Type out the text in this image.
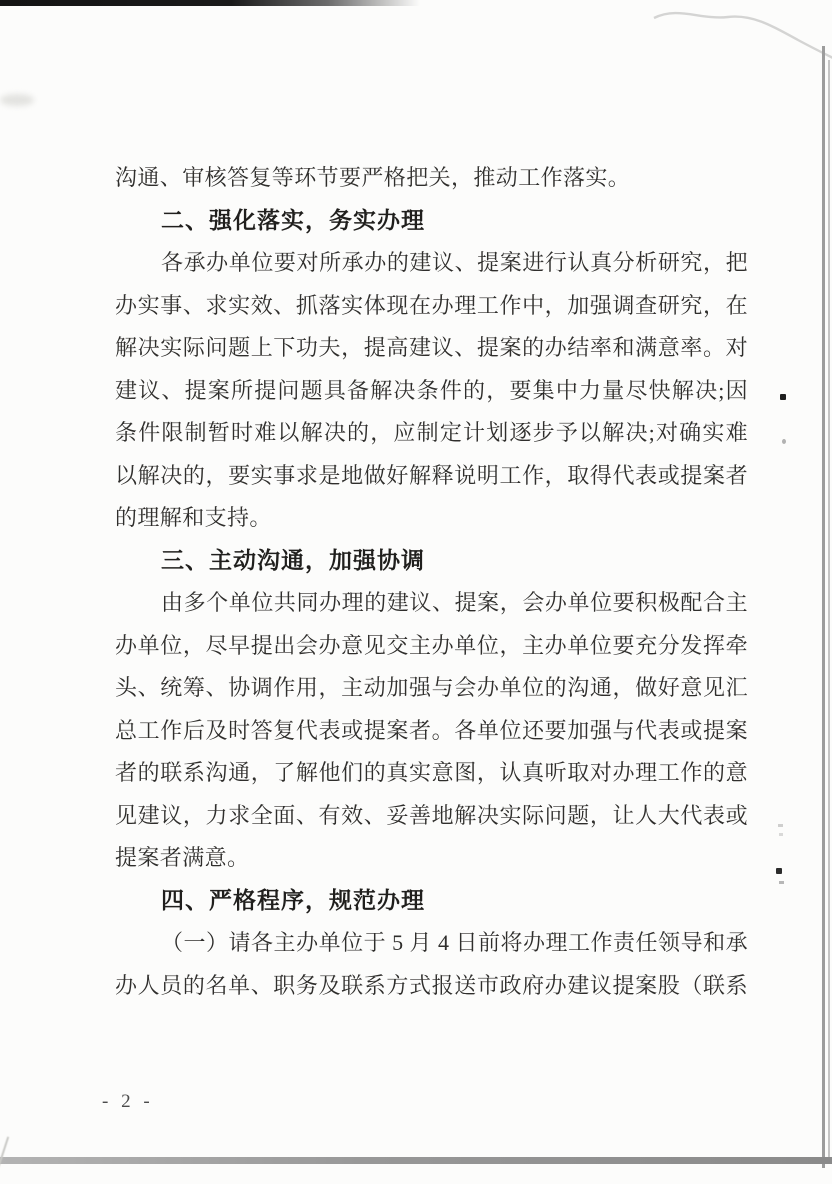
沟通、审核答复等环节要严格把关，推动工作落实。
二、强化落实，务实办理
各承办单位要对所承办的建议、提案进行认真分析研究，把
办实事、求实效、抓落实体现在办理工作中，加强调查研究，在
解决实际问题上下功夫，提高建议、提案的办结率和满意率。对
建议、提案所提问题具备解决条件的，要集中力量尽快解决;因
条件限制暂时难以解决的，应制定计划逐步予以解决;对确实难
以解决的，要实事求是地做好解释说明工作，取得代表或提案者
的理解和支持。
三、主动沟通，加强协调
由多个单位共同办理的建议、提案，会办单位要积极配合主
办单位，尽早提出会办意见交主办单位，主办单位要充分发挥牵
头、统筹、协调作用，主动加强与会办单位的沟通，做好意见汇
总工作后及时答复代表或提案者。各单位还要加强与代表或提案
者的联系沟通，了解他们的真实意图，认真听取对办理工作的意
见建议，力求全面、有效、妥善地解决实际问题，让人大代表或
提案者满意。
四、严格程序，规范办理
（一）请各主办单位于 5 月 4 日前将办理工作责任领导和承
办人员的名单、职务及联系方式报送市政府办建议提案股（联系
- 2 -
